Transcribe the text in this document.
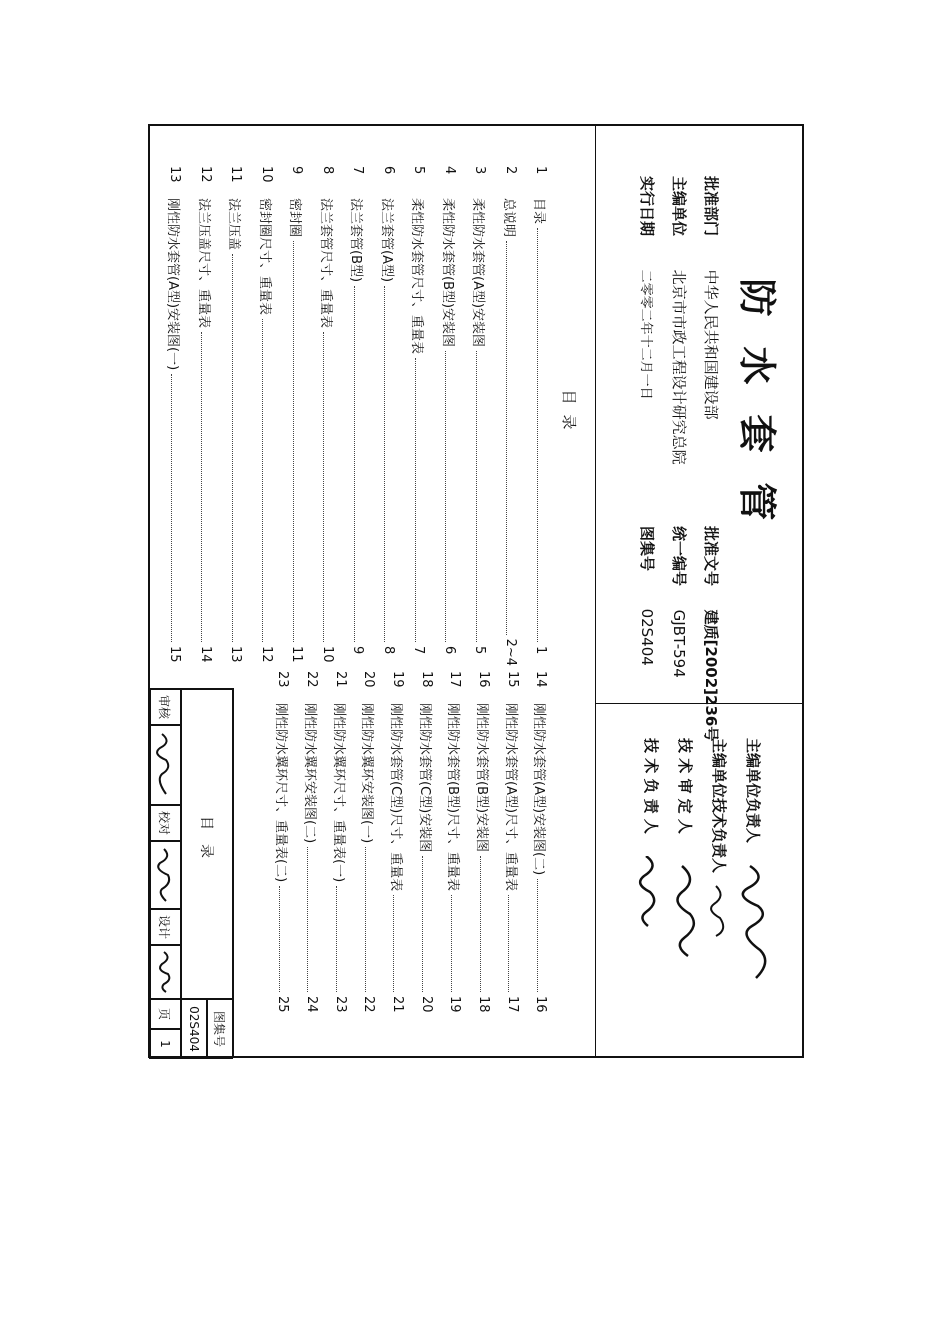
防水套管
批准部门  中华人民共和国建设部
主编单位  北京市市政工程设计研究总院
实行日期  二零零二年十二月一日
批准文号  建质[2002]236号
统一编号  GJBT-594
图集号  02S404
主编单位负责人
主编单位技术负责人
技 术 审 定 人
技 术 负 责 人
目录
1
目录
1
2
总说明
2~4
3
柔性防水套管(A型)安装图
5
4
柔性防水套管(B型)安装图
6
5
柔性防水套管尺寸、重量表
7
6
法兰套管(A型)
8
7
法兰套管(B型)
9
8
法兰套管尺寸、重量表
10
9
密封圈
11
10
密封圈尺寸、重量表
12
11
法兰压盖
13
12
法兰压盖尺寸、重量表
14
13
刚性防水套管(A型)安装图(一)
15
14
刚性防水套管(A型)安装图(二)
16
15
刚性防水套管(A型)尺寸、重量表
17
16
刚性防水套管(B型)安装图
18
17
刚性防水套管(B型)尺寸、重量表
19
18
刚性防水套管(C型)安装图
20
19
刚性防水套管(C型)尺寸、重量表
21
20
刚性防水翼环安装图(一)
22
21
刚性防水翼环尺寸、重量表(一)
23
22
刚性防水翼环安装图(二)
24
23
刚性防水翼环尺寸、重量表(二)
25
目录
图集号
02S404
审核
校对
设计
页
1
